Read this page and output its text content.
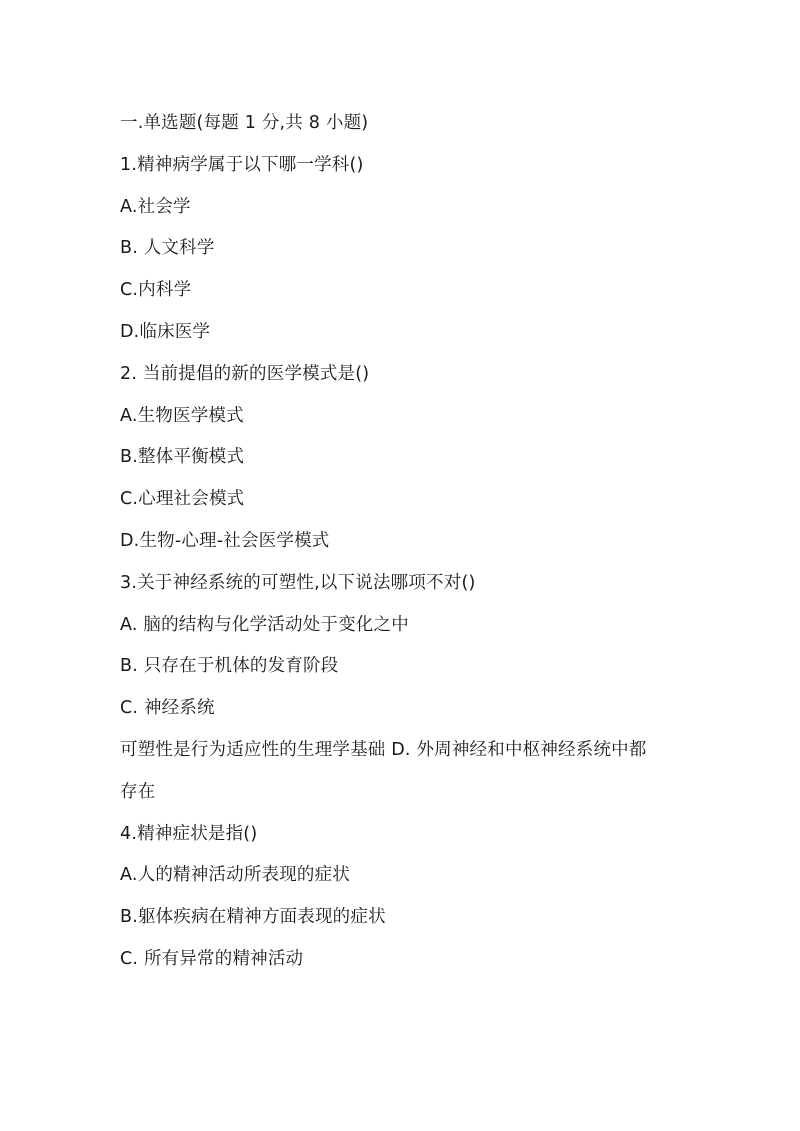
一.单选题(每题 1 分,共 8 小题)
1.精神病学属于以下哪一学科()
A.社会学
B. 人文科学
C.内科学
D.临床医学
2. 当前提倡的新的医学模式是()
A.生物医学模式
B.整体平衡模式
C.心理社会模式
D.生物-心理-社会医学模式
3.关于神经系统的可塑性,以下说法哪项不对()
A. 脑的结构与化学活动处于变化之中
B. 只存在于机体的发育阶段
C. 神经系统
可塑性是行为适应性的生理学基础 D. 外周神经和中枢神经系统中都
存在
4.精神症状是指()
A.人的精神活动所表现的症状
B.躯体疾病在精神方面表现的症状
C. 所有异常的精神活动
